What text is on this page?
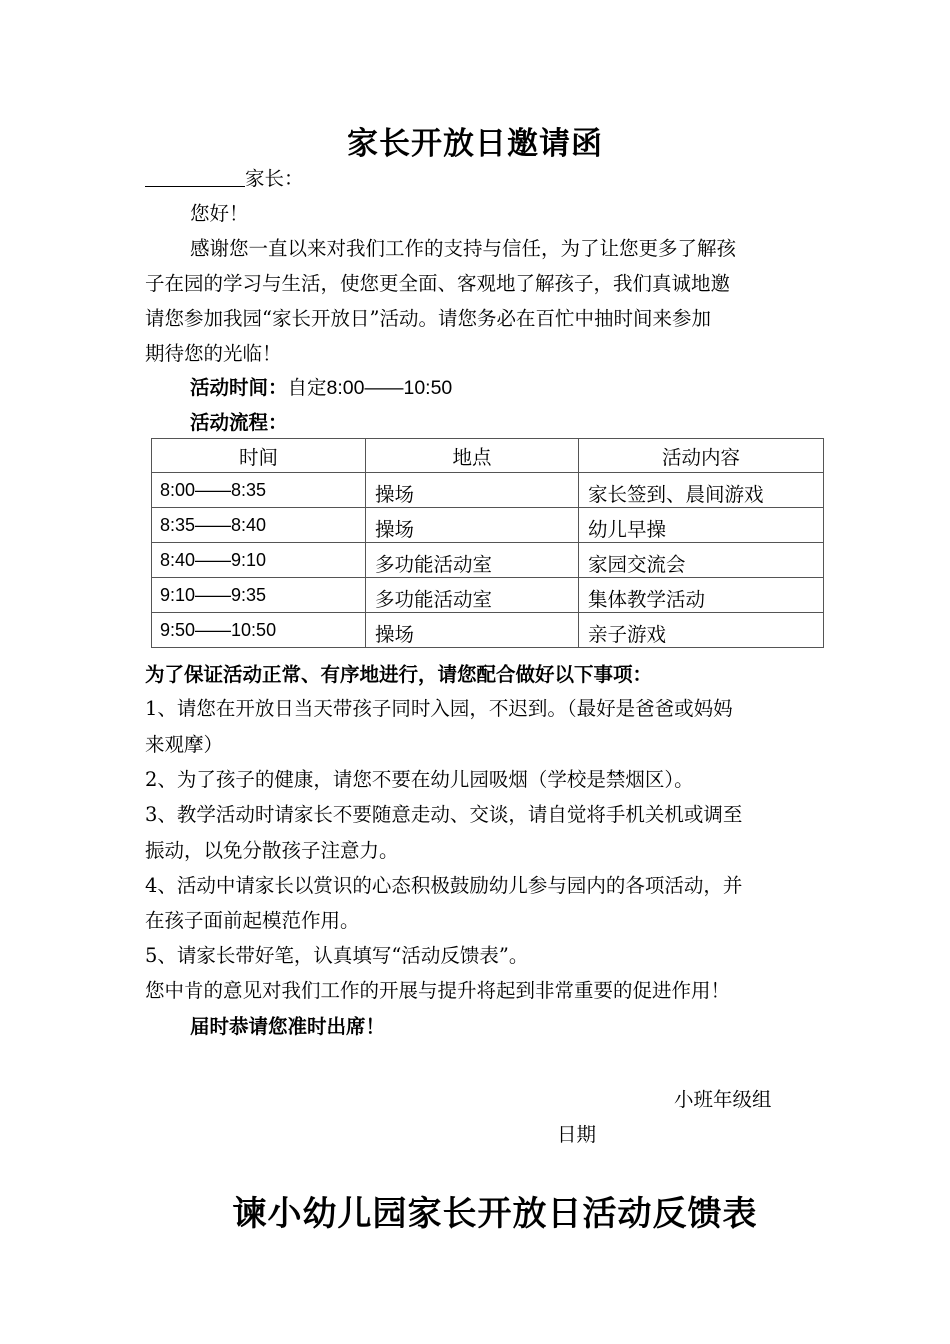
家长开放日邀请函
家长：
您好！
感谢您一直以来对我们工作的支持与信任，为了让您更多了解孩
子在园的学习与生活，使您更全面、客观地了解孩子，我们真诚地邀
请您参加我园“家长开放日”活动。请您务必在百忙中抽时间来参加
期待您的光临！
活动时间：自定8:00——10:50
活动流程：
时间	地点	活动内容
8:00——8:35	操场	家长签到、晨间游戏
8:35——8:40	操场	幼儿早操
8:40——9:10	多功能活动室	家园交流会
9:10——9:35	多功能活动室	集体教学活动
9:50——10:50	操场	亲子游戏
为了保证活动正常、有序地进行，请您配合做好以下事项：
1、请您在开放日当天带孩子同时入园，不迟到。（最好是爸爸或妈妈
来观摩）
2、为了孩子的健康，请您不要在幼儿园吸烟（学校是禁烟区）。
3、教学活动时请家长不要随意走动、交谈，请自觉将手机关机或调至
振动，以免分散孩子注意力。
4、活动中请家长以赏识的心态积极鼓励幼儿参与园内的各项活动，并
在孩子面前起模范作用。
5、请家长带好笔，认真填写“活动反馈表”。
您中肯的意见对我们工作的开展与提升将起到非常重要的促进作用！
届时恭请您准时出席！
小班年级组
日期
谏小幼儿园家长开放日活动反馈表
